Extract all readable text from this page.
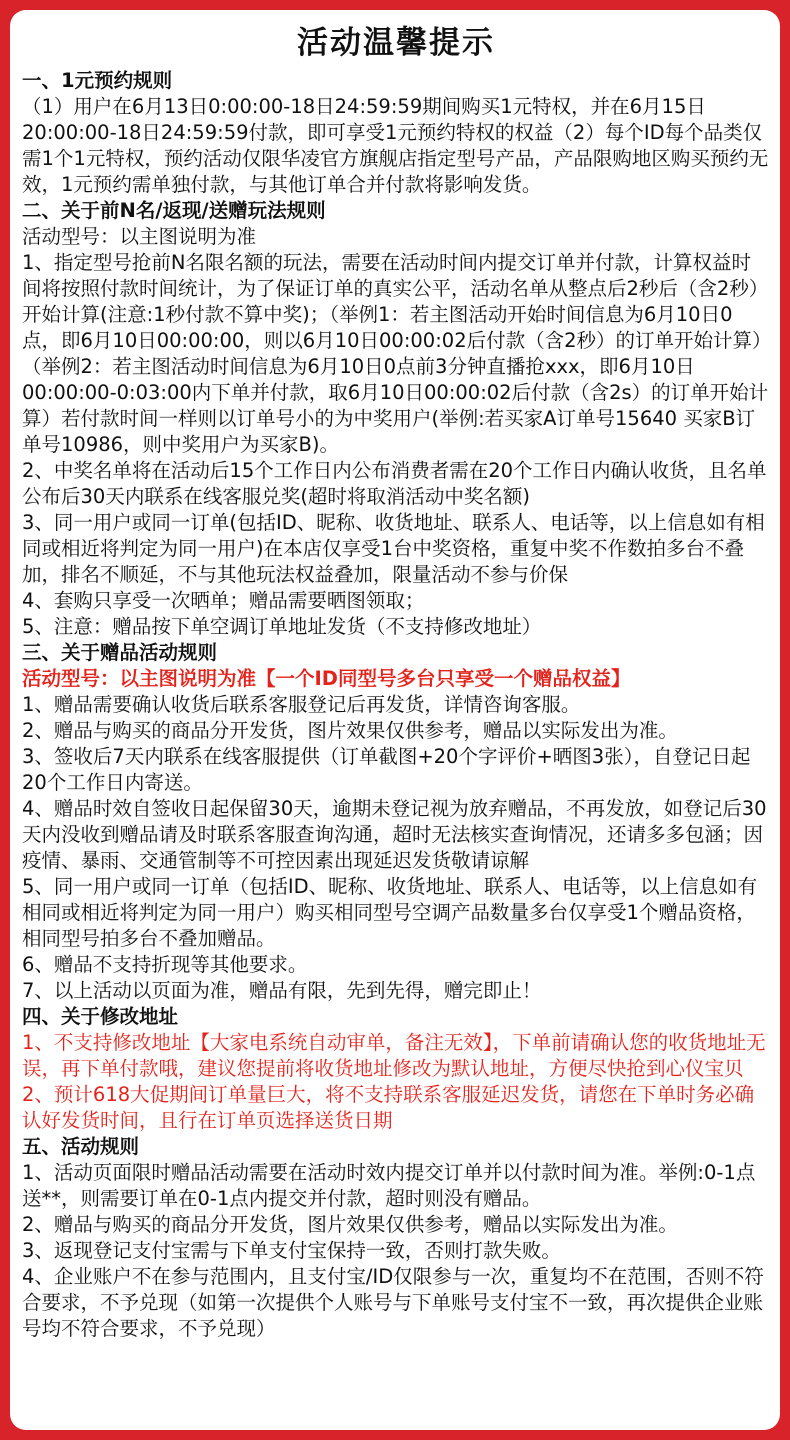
活动温馨提示
一、1元预约规则

（1）用户在6月13日0:00:00-18日24:59:59期间购买1元特权，并在6月15日20:00:00-18日24:59:59付款，即可享受1元预约特权的权益（2）每个ID每个品类仅需1个1元特权，预约活动仅限华凌官方旗舰店指定型号产品，产品限购地区购买预约无效，1元预约需单独付款，与其他订单合并付款将影响发货。

二、关于前N名/返现/送赠玩法规则

活动型号：以主图说明为准

1、指定型号抢前N名限名额的玩法，需要在活动时间内提交订单并付款，计算权益时间将按照付款时间统计，为了保证订单的真实公平，活动名单从整点后2秒后（含2秒）开始计算(注意:1秒付款不算中奖)；（举例1：若主图活动开始时间信息为6月10日0点，即6月10日00:00:00，则以6月10日00:00:02后付款（含2秒）的订单开始计算）（举例2：若主图活动时间信息为6月10日0点前3分钟直播抢xxx，即6月10日00:00:00-0:03:00内下单并付款，取6月10日00:00:02后付款（含2s）的订单开始计算）若付款时间一样则以订单号小的为中奖用户(举例:若买家A订单号15640 买家B订单号10986，则中奖用户为买家B)。

2、中奖名单将在活动后15个工作日内公布消费者需在20个工作日内确认收货，且名单公布后30天内联系在线客服兑奖(超时将取消活动中奖名额)

3、同一用户或同一订单(包括ID、昵称、收货地址、联系人、电话等，以上信息如有相同或相近将判定为同一用户)在本店仅享受1台中奖资格，重复中奖不作数拍多台不叠加，排名不顺延，不与其他玩法权益叠加，限量活动不参与价保

4、套购只享受一次晒单；赠品需要晒图领取；

5、注意：赠品按下单空调订单地址发货（不支持修改地址）

三、关于赠品活动规则

活动型号：以主图说明为准【一个ID同型号多台只享受一个赠品权益】

1、赠品需要确认收货后联系客服登记后再发货，详情咨询客服。

2、赠品与购买的商品分开发货，图片效果仅供参考，赠品以实际发出为准。

3、签收后7天内联系在线客服提供（订单截图+20个字评价+晒图3张），自登记日起20个工作日内寄送。

4、赠品时效自签收日起保留30天，逾期未登记视为放弃赠品，不再发放，如登记后30天内没收到赠品请及时联系客服查询沟通，超时无法核实查询情况，还请多多包涵；因疫情、暴雨、交通管制等不可控因素出现延迟发货敬请谅解

5、同一用户或同一订单（包括ID、昵称、收货地址、联系人、电话等，以上信息如有相同或相近将判定为同一用户）购买相同型号空调产品数量多台仅享受1个赠品资格，相同型号拍多台不叠加赠品。

6、赠品不支持折现等其他要求。

7、以上活动以页面为准，赠品有限，先到先得，赠完即止！

四、关于修改地址

1、不支持修改地址【大家电系统自动审单，备注无效】，下单前请确认您的收货地址无误，再下单付款哦，建议您提前将收货地址修改为默认地址，方便尽快抢到心仪宝贝

2、预计618大促期间订单量巨大，将不支持联系客服延迟发货，请您在下单时务必确认好发货时间，且行在订单页选择送货日期

五、活动规则

1、活动页面限时赠品活动需要在活动时效内提交订单并以付款时间为准。举例:0-1点送**，则需要订单在0-1点内提交并付款，超时则没有赠品。

2、赠品与购买的商品分开发货，图片效果仅供参考，赠品以实际发出为准。

3、返现登记支付宝需与下单支付宝保持一致，否则打款失败。

4、企业账户不在参与范围内，且支付宝/ID仅限参与一次，重复均不在范围，否则不符合要求，不予兑现（如第一次提供个人账号与下单账号支付宝不一致，再次提供企业账号均不符合要求，不予兑现）
